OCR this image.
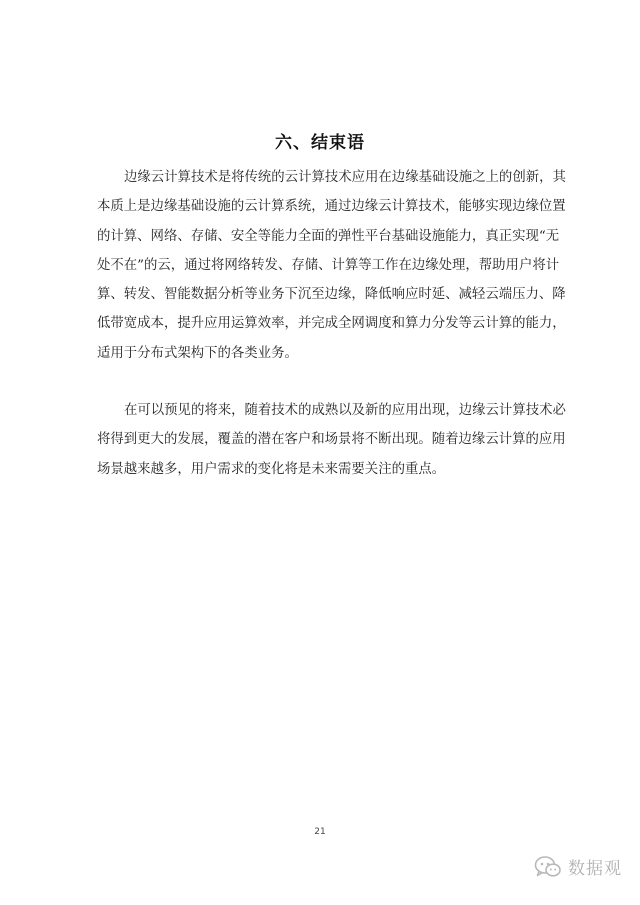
六、结束语
边缘云计算技术是将传统的云计算技术应用在边缘基础设施之上的创新，其
本质上是边缘基础设施的云计算系统，通过边缘云计算技术，能够实现边缘位置
的计算、网络、存储、安全等能力全面的弹性平台基础设施能力，真正实现“无
处不在”的云，通过将网络转发、存储、计算等工作在边缘处理，帮助用户将计
算、转发、智能数据分析等业务下沉至边缘，降低响应时延、减轻云端压力、降
低带宽成本，提升应用运算效率，并完成全网调度和算力分发等云计算的能力，
适用于分布式架构下的各类业务。
在可以预见的将来，随着技术的成熟以及新的应用出现，边缘云计算技术必
将得到更大的发展，覆盖的潜在客户和场景将不断出现。随着边缘云计算的应用
场景越来越多，用户需求的变化将是未来需要关注的重点。
21
数据观
